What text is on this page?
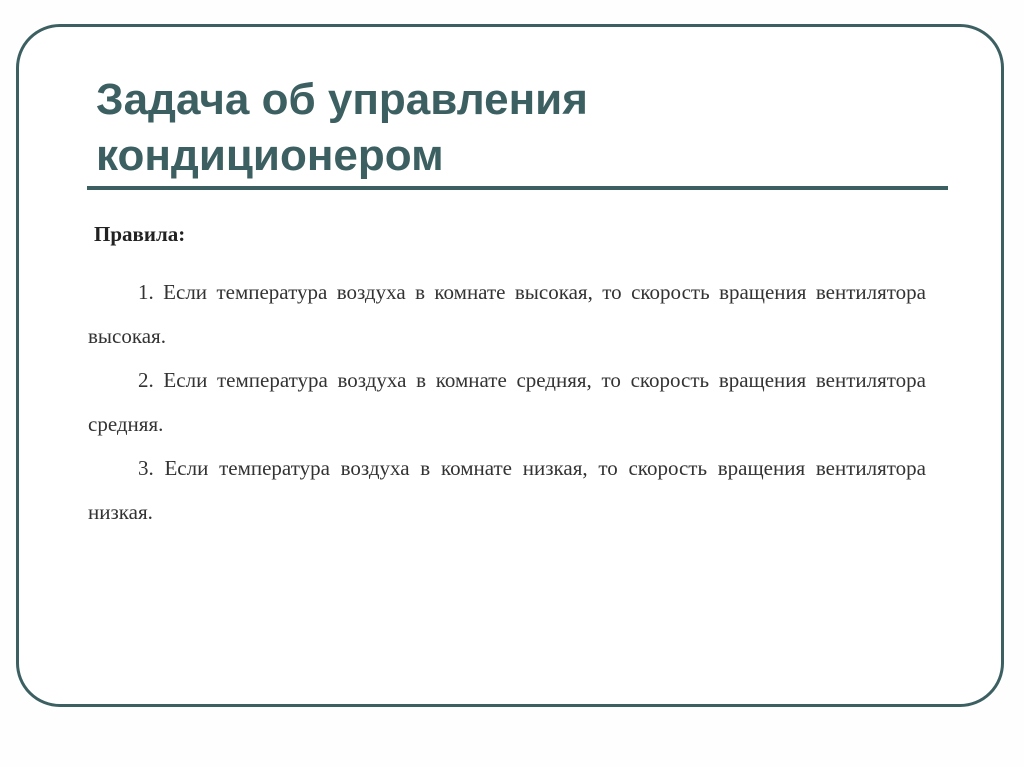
Задача об управления кондиционером

Правила:

1. Если температура воздуха в комнате высокая, то скорость вращения вентилятора высокая.

2. Если температура воздуха в комнате средняя, то скорость вращения вентилятора средняя.

3. Если температура воздуха в комнате низкая, то скорость вращения вентилятора низкая.
